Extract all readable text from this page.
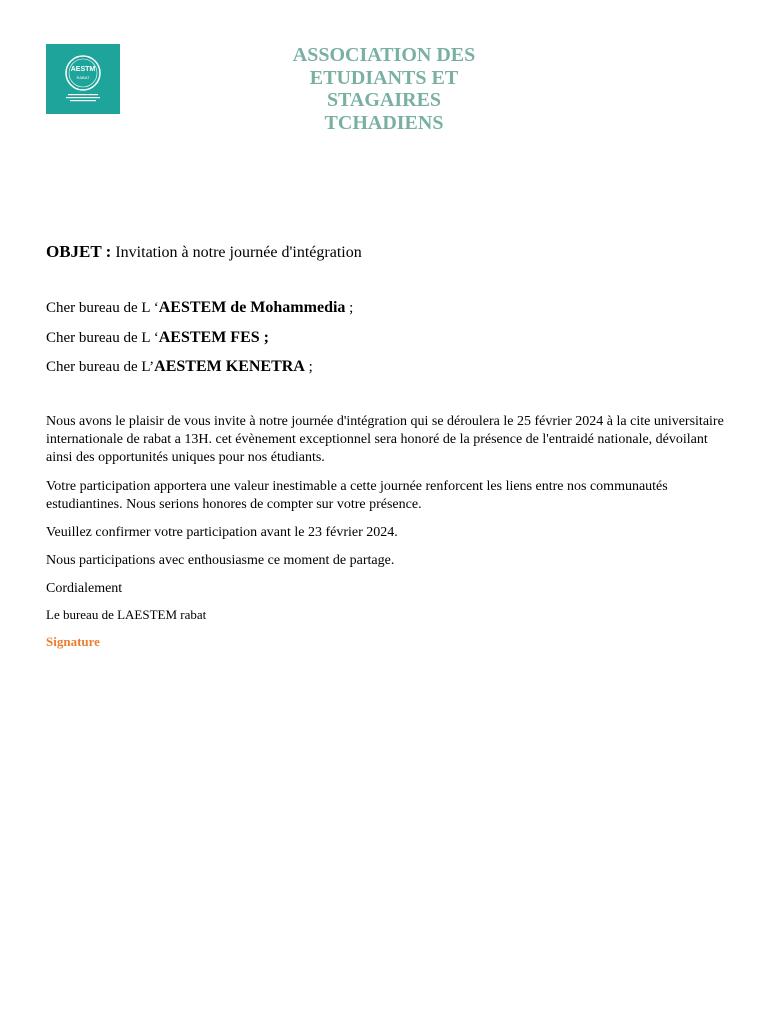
AESTM
RABAT
ASSOCIATION DES
ETUDIANTS ET
STAGAIRES
TCHADIENS
OBJET : Invitation à notre journée d'intégration
Cher bureau de L ‘AESTEM de Mohammedia ;
Cher bureau de L ‘AESTEM FES ;
Cher bureau de L’AESTEM KENETRA ;

Nous avons le plaisir de vous invite à notre journée d'intégration qui se déroulera le 25 février 2024 à la cite universitaire internationale de rabat a 13H. cet évènement exceptionnel sera honoré de la présence de l'entraidé nationale, dévoilant ainsi des opportunités uniques pour nos étudiants.

Votre participation apportera une valeur inestimable a cette journée renforcent les liens entre nos communautés estudiantines. Nous serions honores de compter sur votre présence.

Veuillez confirmer votre participation avant le 23 février 2024.

Nous participations avec enthousiasme ce moment de partage.

Cordialement

Le bureau de LAESTEM rabat

Signature
